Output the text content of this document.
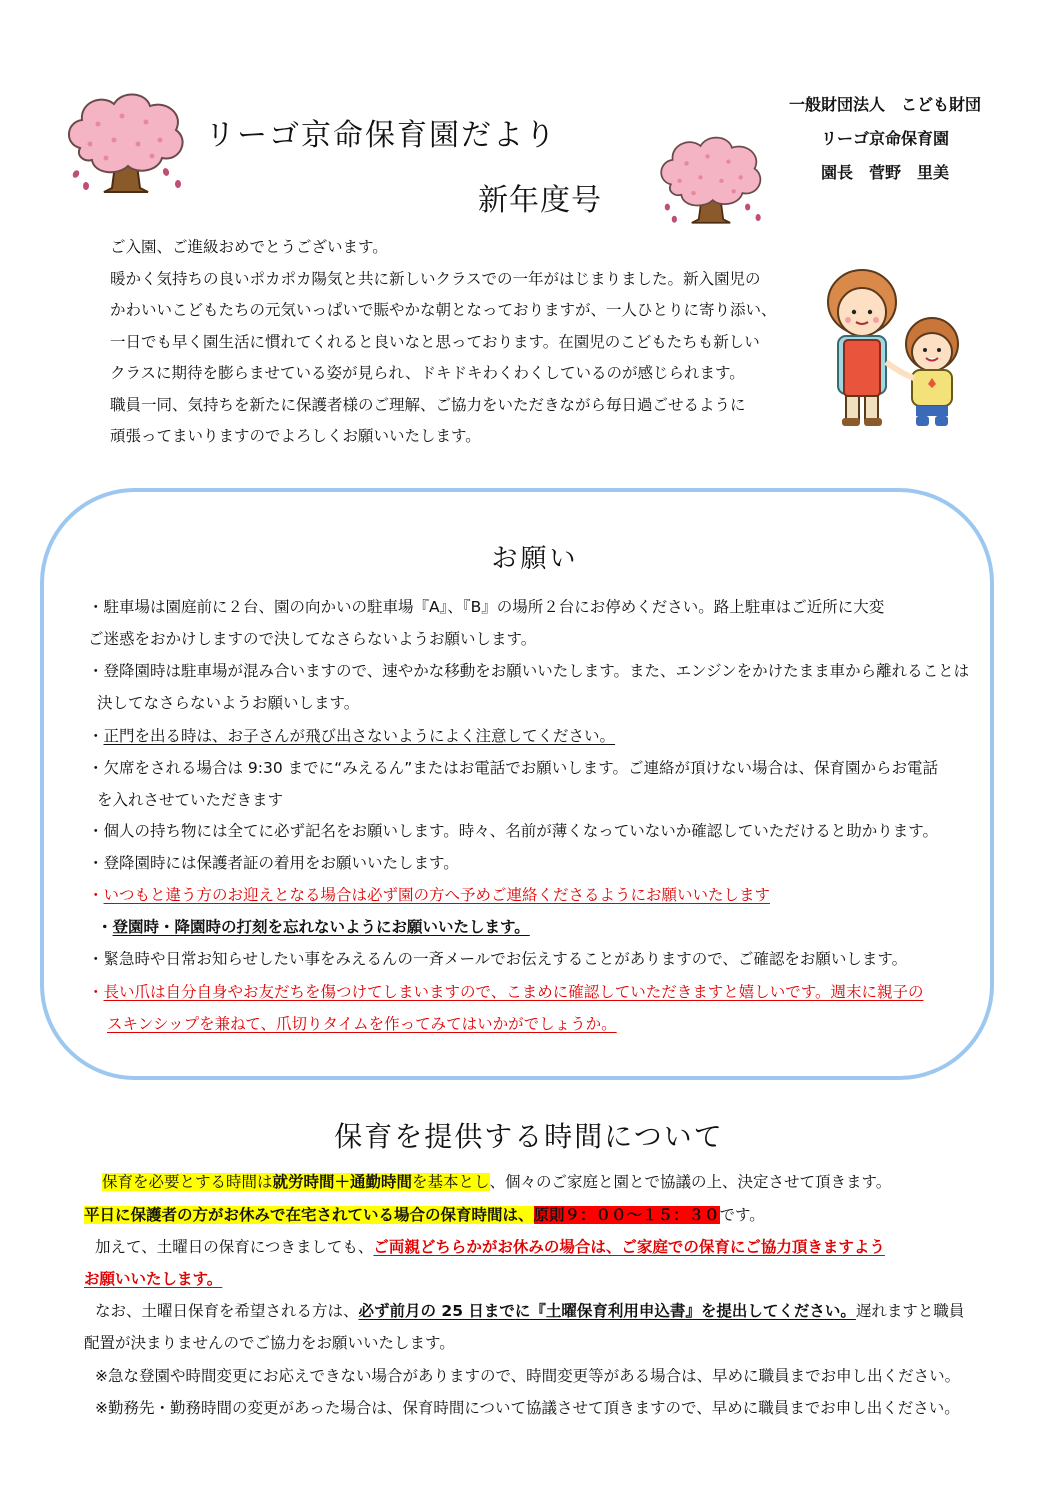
リーゴ京命保育園だより
新年度号
一般財団法人　こども財団
リーゴ京命保育園
園長　菅野　里美
ご入園、ご進級おめでとうございます。
暖かく気持ちの良いポカポカ陽気と共に新しいクラスでの一年がはじまりました。新入園児の
かわいいこどもたちの元気いっぱいで賑やかな朝となっておりますが、一人ひとりに寄り添い、
一日でも早く園生活に慣れてくれると良いなと思っております。在園児のこどもたちも新しい
クラスに期待を膨らませている姿が見られ、ドキドキわくわくしているのが感じられます。
職員一同、気持ちを新たに保護者様のご理解、ご協力をいただきながら毎日過ごせるように
頑張ってまいりますのでよろしくお願いいたします。
お願い
・駐車場は園庭前に２台、園の向かいの駐車場『A』、『B』の場所２台にお停めください。路上駐車はご近所に大変
ご迷惑をおかけしますので決してなさらないようお願いします。
・登降園時は駐車場が混み合いますので、速やかな移動をお願いいたします。また、エンジンをかけたまま車から離れることは
決してなさらないようお願いします。
・正門を出る時は、お子さんが飛び出さないようによく注意してください。
・欠席をされる場合は 9:30 までに“みえるん”またはお電話でお願いします。ご連絡が頂けない場合は、保育園からお電話
を入れさせていただきます
・個人の持ち物には全てに必ず記名をお願いします。時々、名前が薄くなっていないか確認していただけると助かります。
・登降園時には保護者証の着用をお願いいたします。
・いつもと違う方のお迎えとなる場合は必ず園の方へ予めご連絡くださるようにお願いいたします
・登園時・降園時の打刻を忘れないようにお願いいたします。
・緊急時や日常お知らせしたい事をみえるんの一斉メールでお伝えすることがありますので、ご確認をお願いします。
・長い爪は自分自身やお友だちを傷つけてしまいますので、こまめに確認していただきますと嬉しいです。週末に親子の
スキンシップを兼ねて、爪切りタイムを作ってみてはいかがでしょうか。
保育を提供する時間について
保育を必要とする時間は就労時間＋通勤時間を基本とし、個々のご家庭と園とで協議の上、決定させて頂きます。
平日に保護者の方がお休みで在宅されている場合の保育時間は、原則９：００～１５：３０です。
加えて、土曜日の保育につきましても、ご両親どちらかがお休みの場合は、ご家庭での保育にご協力頂きますよう
お願いいたします。
なお、土曜日保育を希望される方は、必ず前月の 25 日までに『土曜保育利用申込書』を提出してください。遅れますと職員
配置が決まりませんのでご協力をお願いいたします。
※急な登園や時間変更にお応えできない場合がありますので、時間変更等がある場合は、早めに職員までお申し出ください。
※勤務先・勤務時間の変更があった場合は、保育時間について協議させて頂きますので、早めに職員までお申し出ください。
